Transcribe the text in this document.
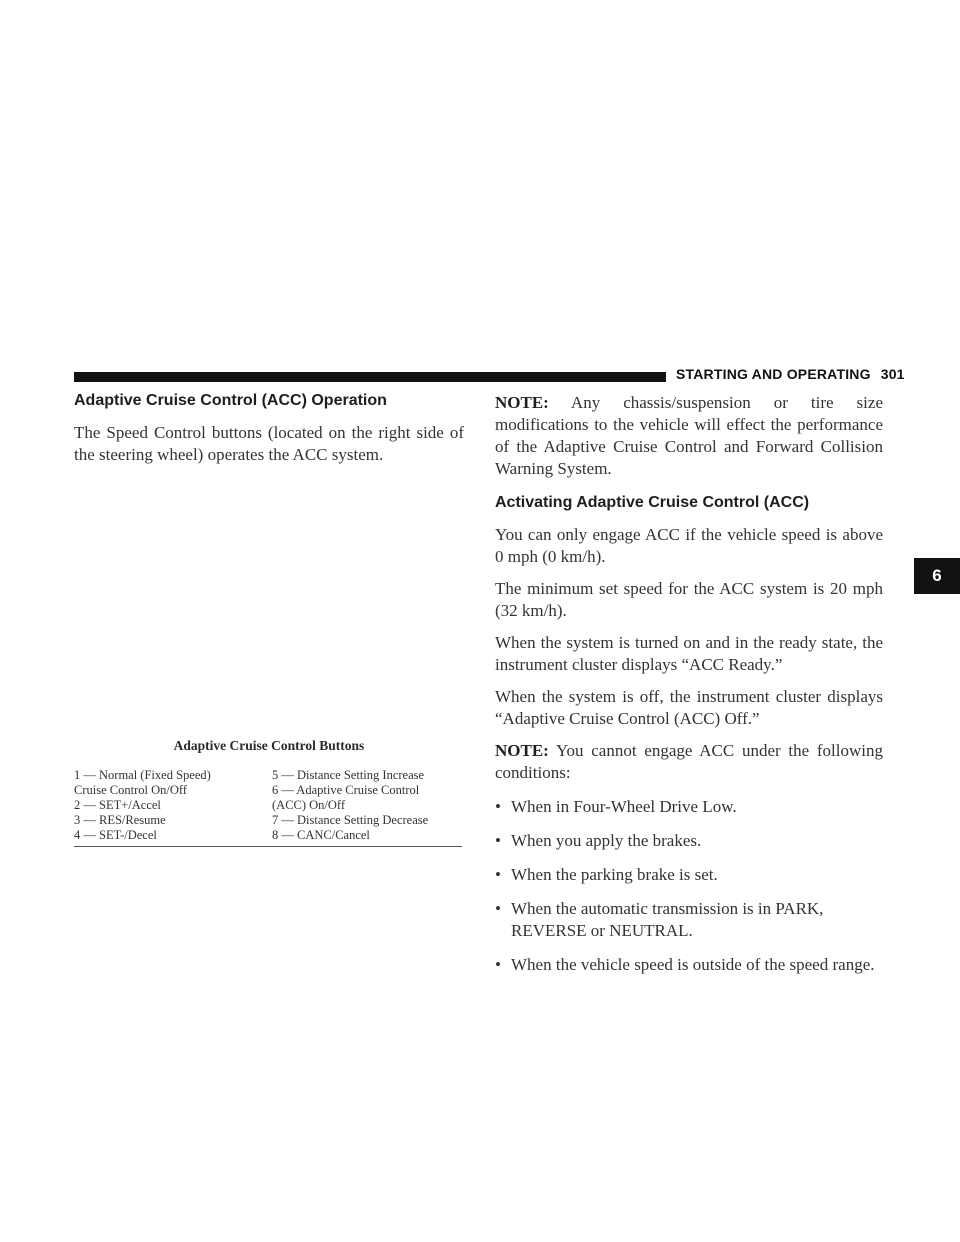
STARTING AND OPERATING 301
6
Adaptive Cruise Control (ACC) Operation

The Speed Control buttons (located on the right side of the steering wheel) operates the ACC system.

Adaptive Cruise Control Buttons

1 — Normal (Fixed Speed)	5 — Distance Setting Increase
Cruise Control On/Off	6 — Adaptive Cruise Control
2 — SET+/Accel	(ACC) On/Off
3 — RES/Resume	7 — Distance Setting Decrease
4 — SET-/Decel	8 — CANC/Cancel

NOTE: Any chassis/suspension or tire size modifications to the vehicle will effect the performance of the Adaptive Cruise Control and Forward Collision Warning System.

Activating Adaptive Cruise Control (ACC)

You can only engage ACC if the vehicle speed is above 0 mph (0 km/h).

The minimum set speed for the ACC system is 20 mph (32 km/h).

When the system is turned on and in the ready state, the instrument cluster displays “ACC Ready.”

When the system is off, the instrument cluster displays “Adaptive Cruise Control (ACC) Off.”

NOTE: You cannot engage ACC under the following conditions:

• When in Four-Wheel Drive Low.
• When you apply the brakes.
• When the parking brake is set.
• When the automatic transmission is in PARK, REVERSE or NEUTRAL.
• When the vehicle speed is outside of the speed range.
